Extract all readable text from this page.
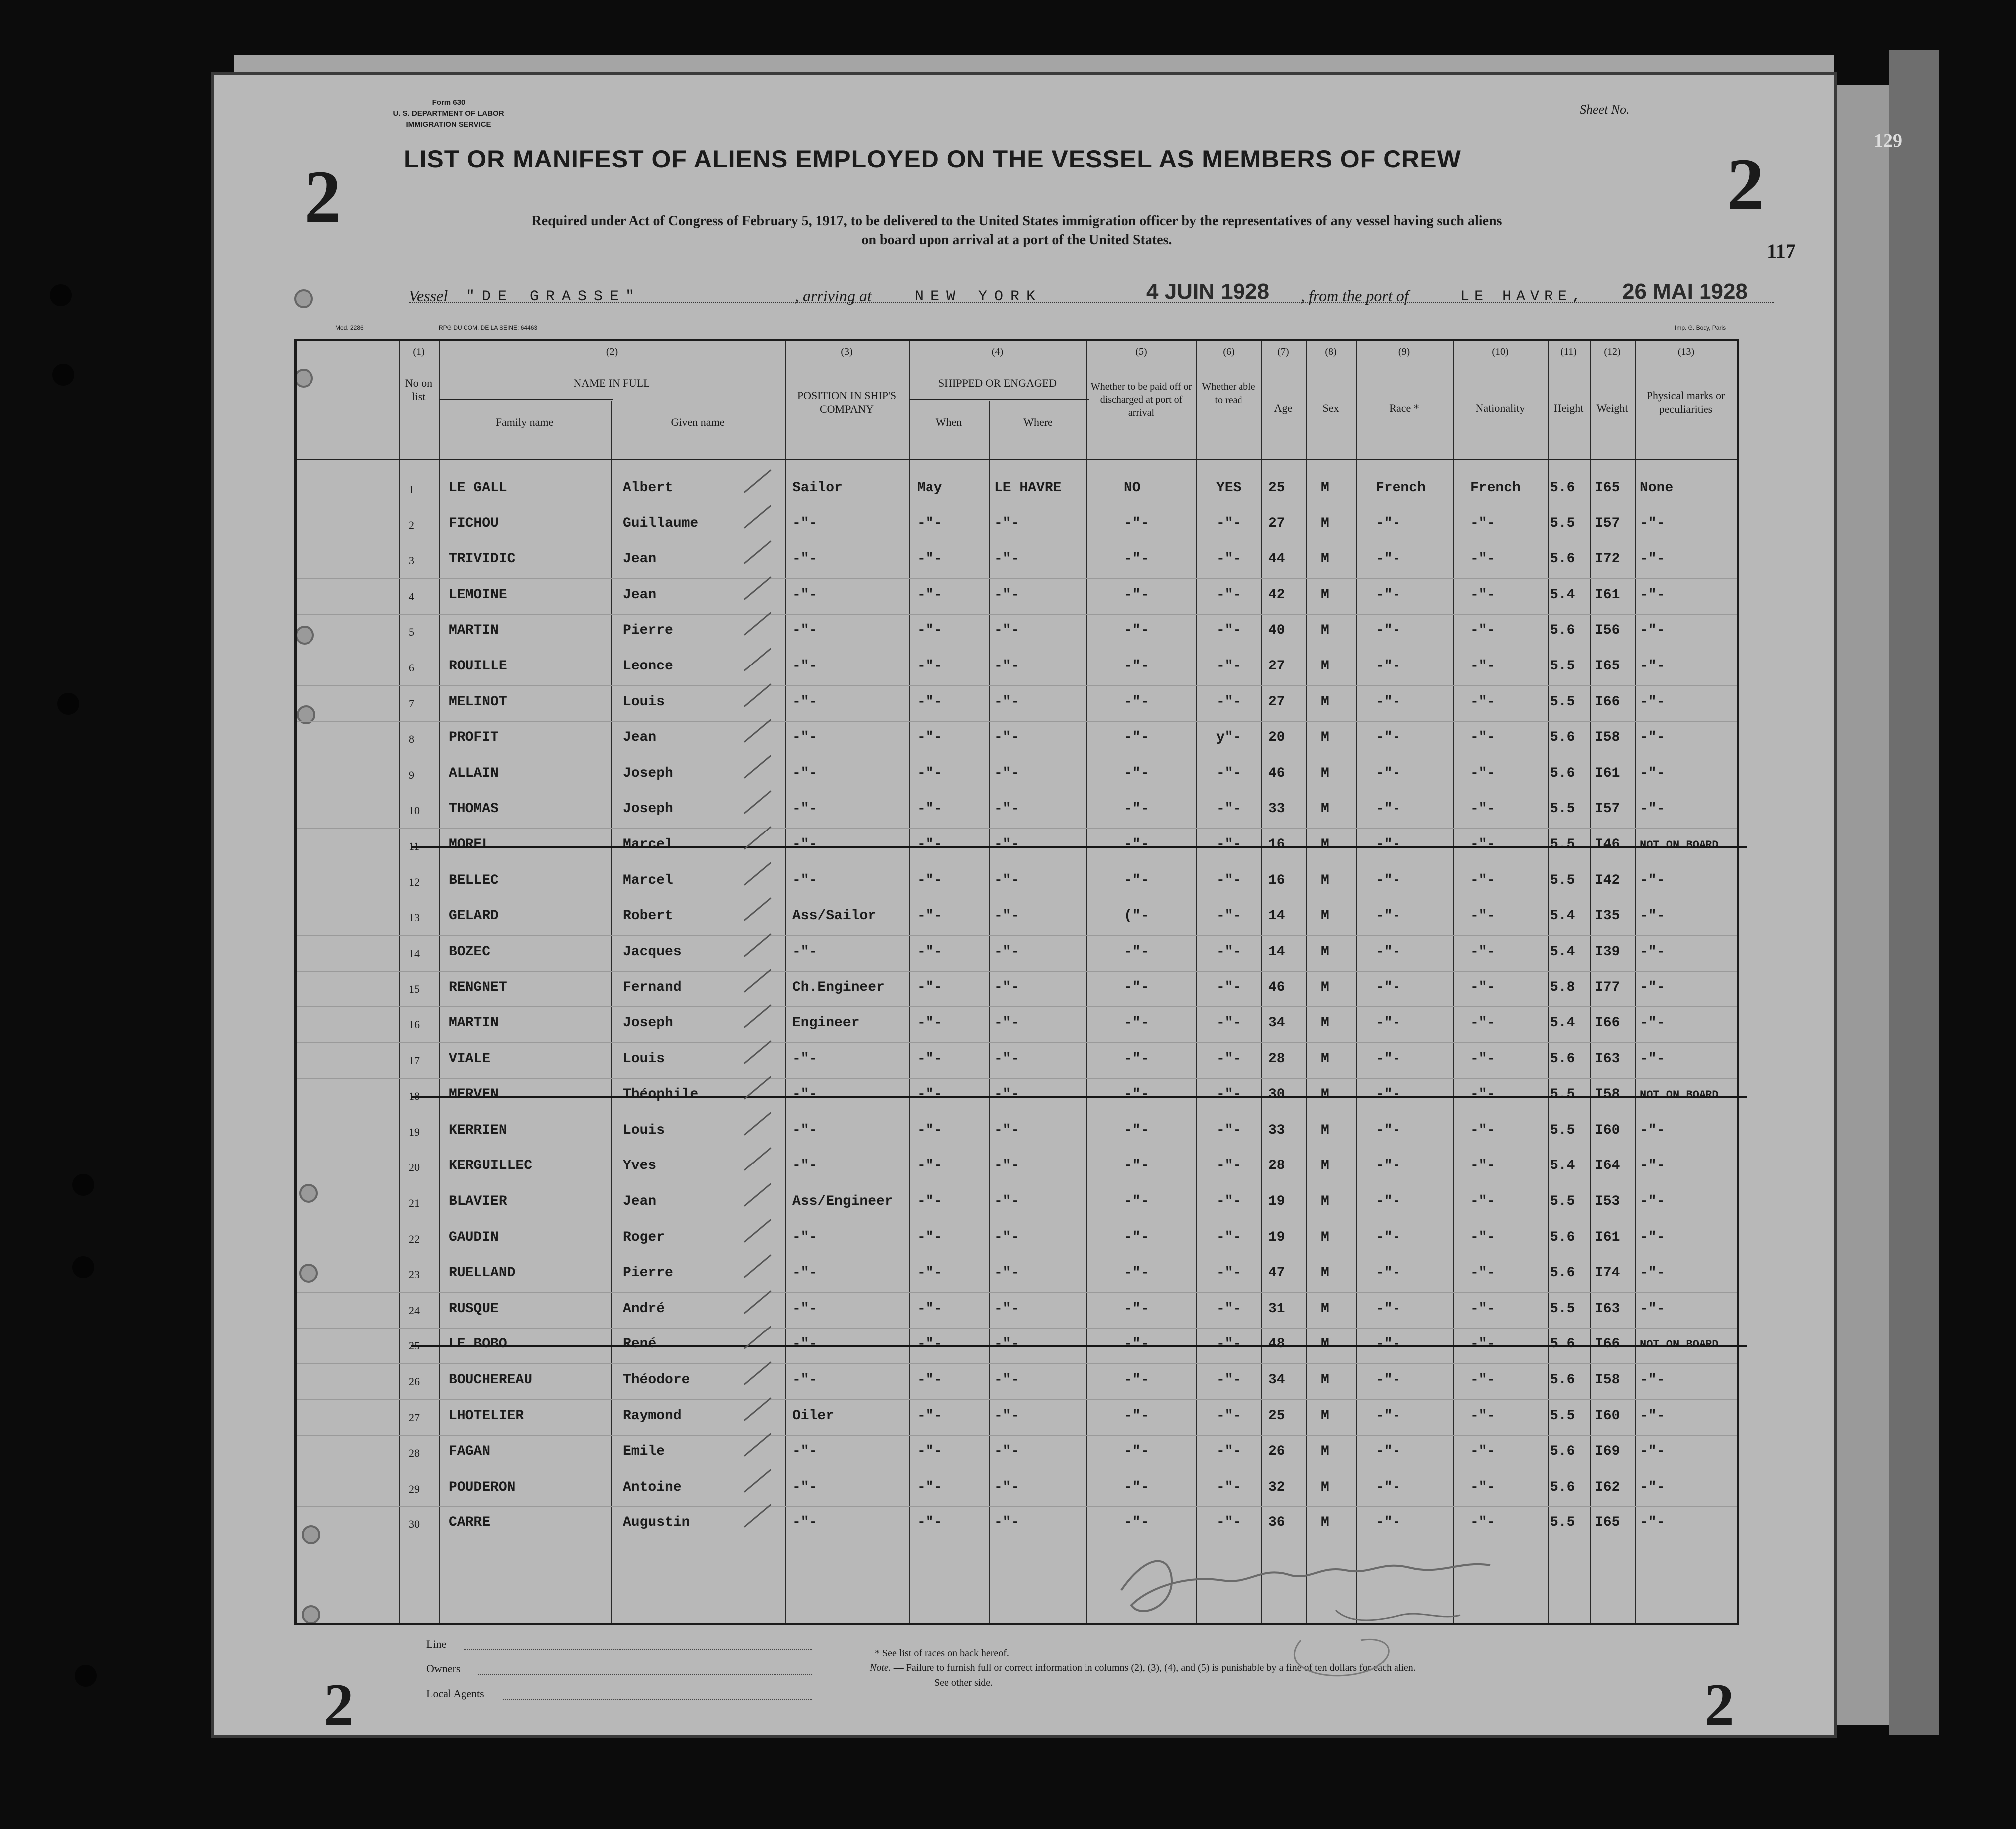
Form 630
U. S. DEPARTMENT OF LABOR
IMMIGRATION SERVICE
Sheet No.
129
117
2	2
LIST OR MANIFEST OF ALIENS EMPLOYED ON THE VESSEL AS MEMBERS OF CREW
Required under Act of Congress of February 5, 1917, to be delivered to the United States immigration officer by the representatives of any vessel having such aliens
on board upon arrival at a port of the United States.
Vessel "DE GRASSE"	, arriving at	NEW YORK	4 JUIN 1928 , from the port of	LE HAVRE, 26 MAI 1928
Mod. 2286	RPG DU COM. DE LA SEINE: 64463	Imp. G. Body, Paris
(1)
No on list
(2)
NAME IN FULL
Family name	Given name
(3)
POSITION IN SHIP'S COMPANY
(4)
SHIPPED OR ENGAGED
When	Where
(5)
Whether to be paid off or discharged at port of arrival
(6)
Whether able to read
(7)
Age
(8)
Sex
(9)
Race *
(10)
Nationality
(11)
Height
(12)
Weight
(13)
Physical marks or peculiarities
1 LE GALL	Albert	Sailor	May	LE HAVRE	NO	YES 25	M	French	French 5.6 I65 None
2 FICHOU	Guillaume	-"-	-"-	-"-	-"-	-"- 27	M	-"-	-"-	5.5 I57 -"-
3 TRIVIDIC	Jean	-"-	-"-	-"-	-"-	-"- 44	M	-"-	-"-	5.6 I72 -"-
4 LEMOINE	Jean	-"-	-"-	-"-	-"-	-"- 42	M	-"-	-"-	5.4 I61 -"-
5 MARTIN	Pierre	-"-	-"-	-"-	-"-	-"- 40	M	-"-	-"-	5.6 I56 -"-
6 ROUILLE	Leonce	-"-	-"-	-"-	-"-	-"- 27	M	-"-	-"-	5.5 I65 -"-
7 MELINOT	Louis	-"-	-"-	-"-	-"-	-"- 27	M	-"-	-"-	5.5 I66 -"-
8 PROFIT	Jean	-"-	-"-	-"-	-"-	y"- 20	M	-"-	-"-	5.6 I58 -"-
9 ALLAIN	Joseph	-"-	-"-	-"-	-"-	-"- 46	M	-"-	-"-	5.6 I61 -"-
10 THOMAS	Joseph	-"-	-"-	-"-	-"-	-"- 33	M	-"-	-"-	5.5 I57 -"-
11 MOREL	Marcel	-"-	-"-	-"-	-"-	-"- 16	M	-"-	-"-	5.5 I46 NOT ON BOARD
12 BELLEC	Marcel	-"-	-"-	-"-	-"-	-"- 16	M	-"-	-"-	5.5 I42 -"-
13 GELARD	Robert	Ass/Sailor	-"-	-"-	("-	-"- 14	M	-"-	-"-	5.4 I35 -"-
14 BOZEC	Jacques	-"-	-"-	-"-	-"-	-"- 14	M	-"-	-"-	5.4 I39 -"-
15 RENGNET	Fernand	Ch.Engineer -"-	-"-	-"-	-"- 46	M	-"-	-"-	5.8 I77 -"-
16 MARTIN	Joseph	Engineer	-"-	-"-	-"-	-"- 34	M	-"-	-"-	5.4 I66 -"-
17 VIALE	Louis	-"-	-"-	-"-	-"-	-"- 28	M	-"-	-"-	5.6 I63 -"-
18 MERVEN	Théophile	-"-	-"-	-"-	-"-	-"- 30	M	-"-	-"-	5.5 I58 NOT ON BOARD
19 KERRIEN	Louis	-"-	-"-	-"-	-"-	-"- 33	M	-"-	-"-	5.5 I60 -"-
20 KERGUILLEC	Yves	-"-	-"-	-"-	-"-	-"- 28	M	-"-	-"-	5.4 I64 -"-
21 BLAVIER	Jean	Ass/Engineer -"-	-"-	-"-	-"- 19	M	-"-	-"-	5.5 I53 -"-
22 GAUDIN	Roger	-"-	-"-	-"-	-"-	-"- 19	M	-"-	-"-	5.6 I61 -"-
23 RUELLAND	Pierre	-"-	-"-	-"-	-"-	-"- 47	M	-"-	-"-	5.6 I74 -"-
24 RUSQUE	André	-"-	-"-	-"-	-"-	-"- 31	M	-"-	-"-	5.5 I63 -"-
25 LE BOBO	René	-"-	-"-	-"-	-"-	-"- 48	M	-"-	-"-	5.6 I66 NOT ON BOARD
26 BOUCHEREAU	Théodore	-"-	-"-	-"-	-"-	-"- 34	M	-"-	-"-	5.6 I58 -"-
27 LHOTELIER	Raymond	Oiler	-"-	-"-	-"-	-"- 25	M	-"-	-"-	5.5 I60 -"-
28 FAGAN	Emile	-"-	-"-	-"-	-"-	-"- 26	M	-"-	-"-	5.6 I69 -"-
29 POUDERON	Antoine	-"-	-"-	-"-	-"-	-"- 32	M	-"-	-"-	5.6 I62 -"-
30 CARRE	Augustin	-"-	-"-	-"-	-"-	-"- 36	M	-"-	-"-	5.5 I65 -"-
2	2
Line
Owners
Local Agents
* See list of races on back hereof.
Note. — Failure to furnish full or correct information in columns (2), (3), (4), and (5) is punishable by a fine of ten dollars for each alien.
See other side.
